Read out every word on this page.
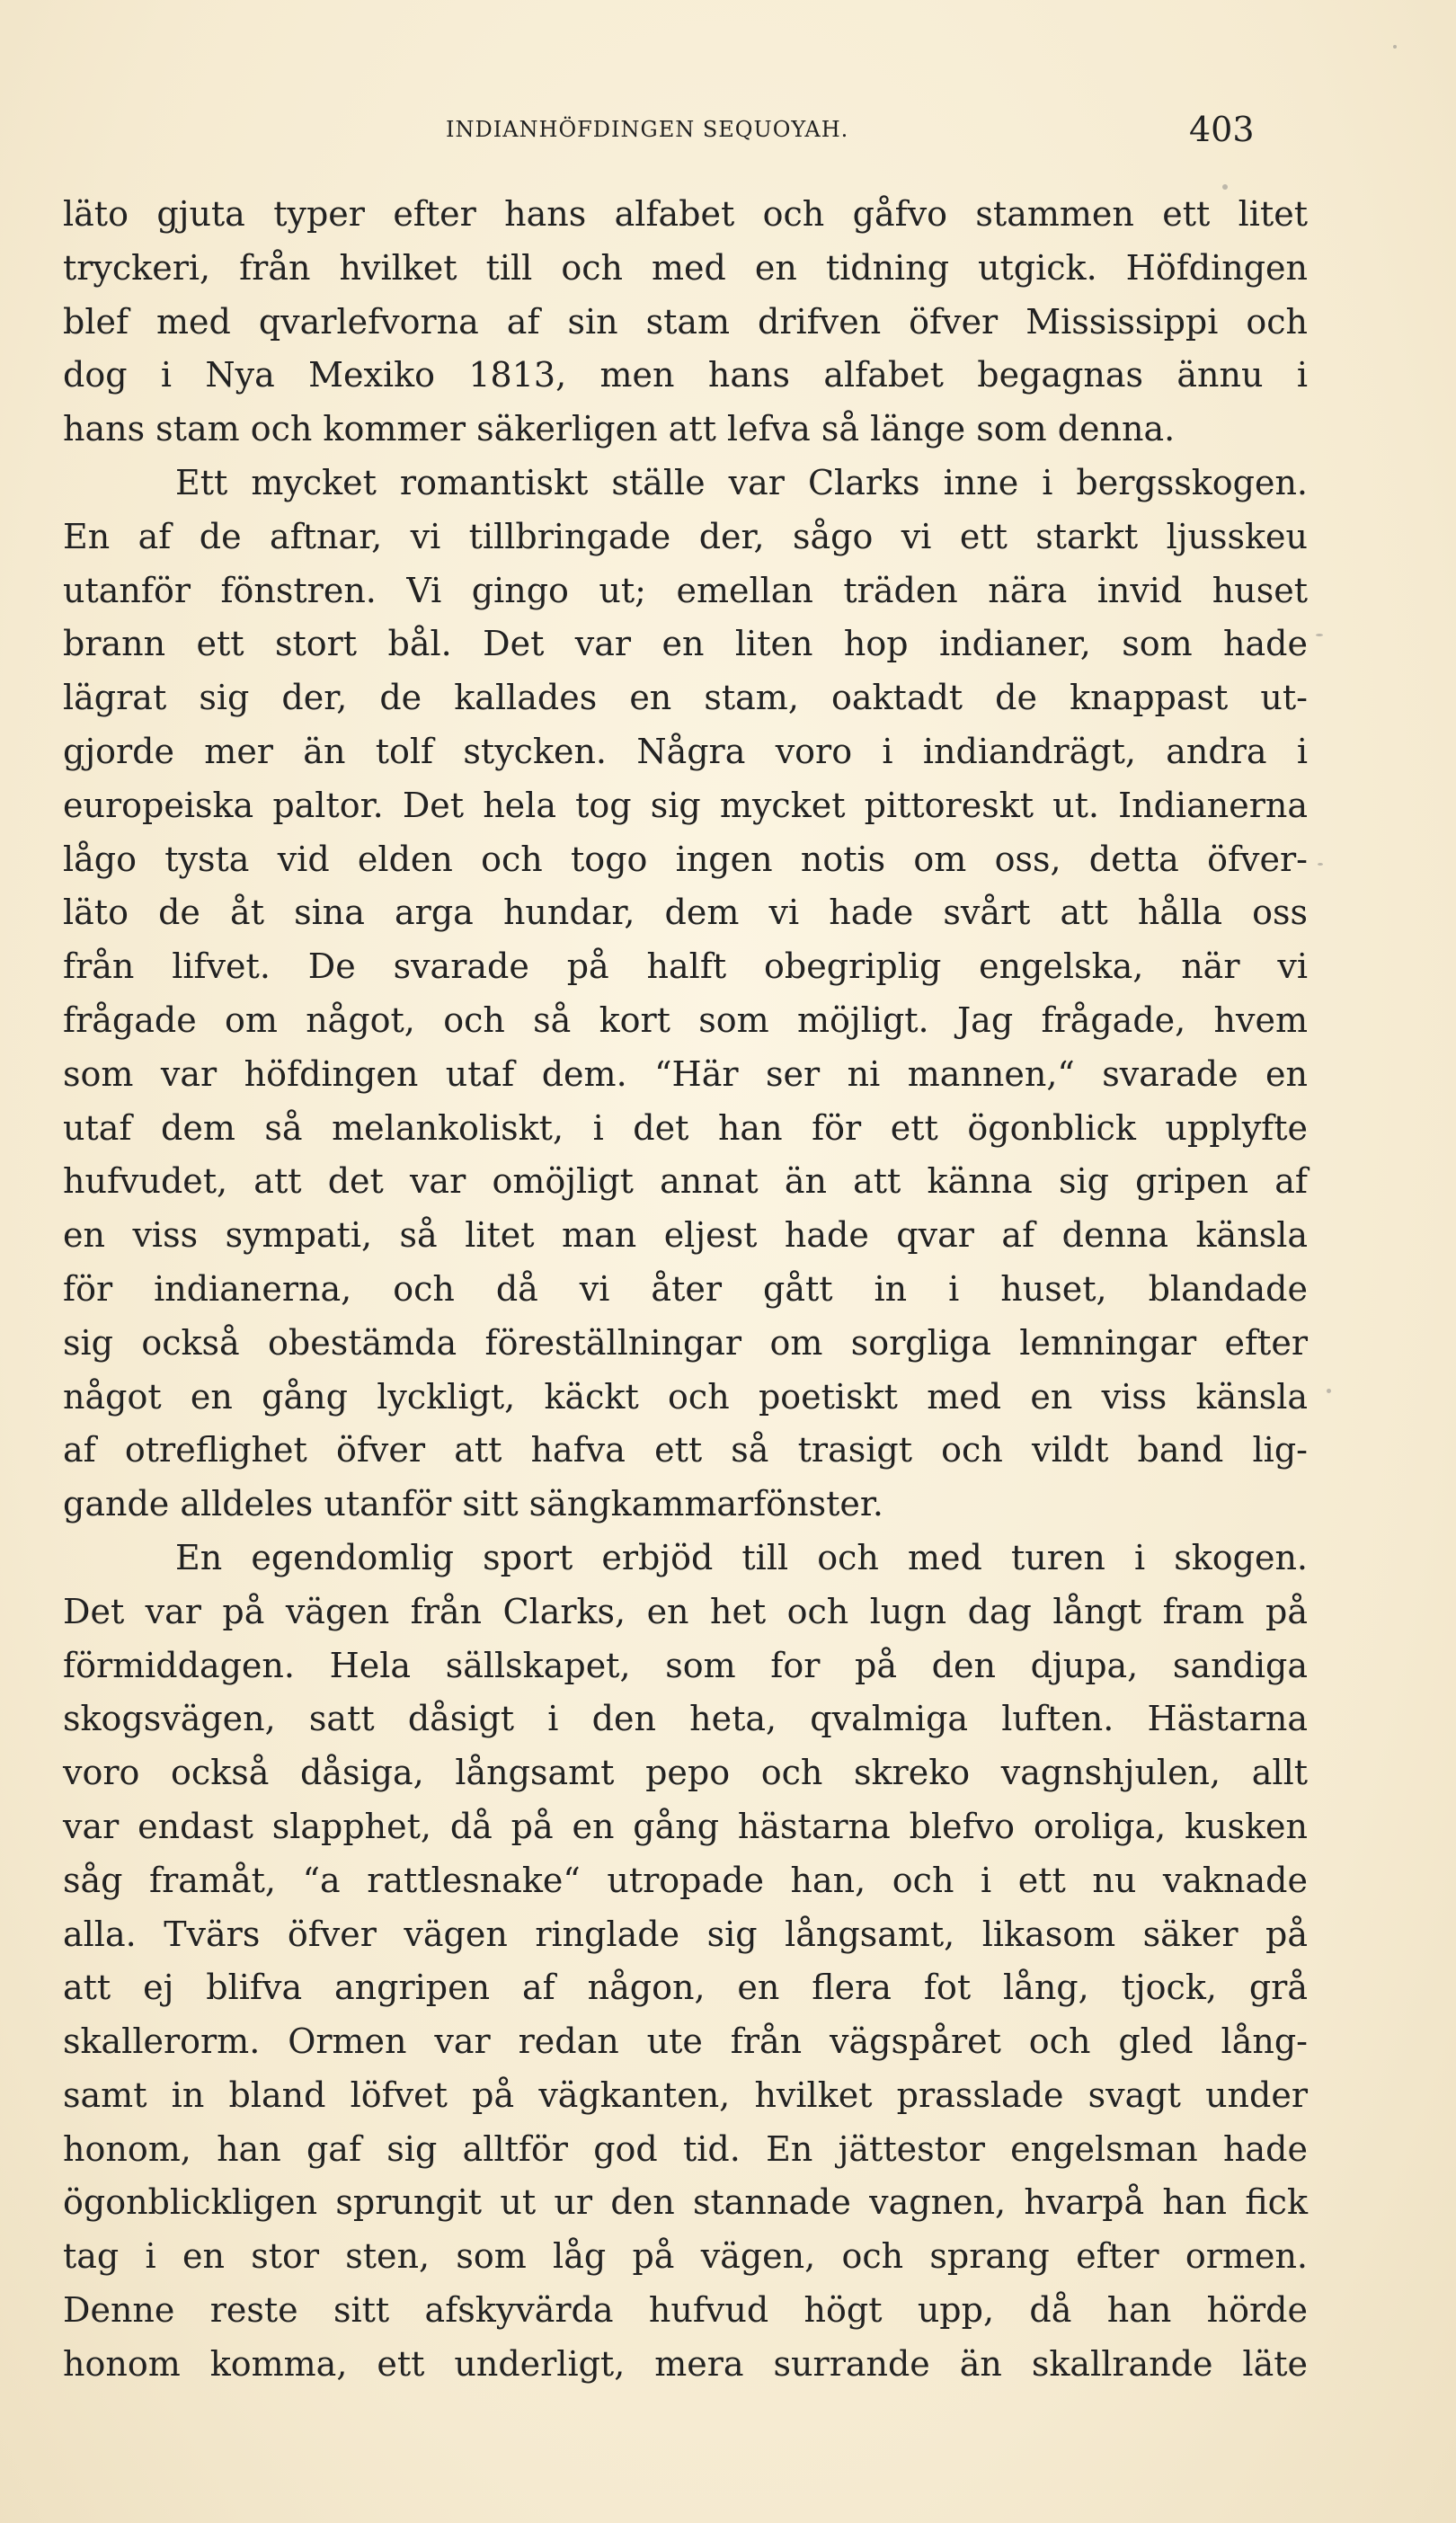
INDIANHÖFDINGEN SEQUOYAH.	403
läto gjuta typer efter hans alfabet och gåfvo stammen ett litet
tryckeri, från hvilket till och med en tidning utgick. Höfdingen
blef med qvarlefvorna af sin stam drifven öfver Mississippi och
dog i Nya Mexiko 1813, men hans alfabet begagnas ännu i
hans stam och kommer säkerligen att lefva så länge som denna.
Ett mycket romantiskt ställe var Clarks inne i bergsskogen.
En af de aftnar, vi tillbringade der, sågo vi ett starkt ljusskeu
utanför fönstren. Vi gingo ut; emellan träden nära invid huset
brann ett stort bål. Det var en liten hop indianer, som hade
lägrat sig der, de kallades en stam, oaktadt de knappast ut-
gjorde mer än tolf stycken. Några voro i indiandrägt, andra i
europeiska paltor. Det hela tog sig mycket pittoreskt ut. Indianerna
lågo tysta vid elden och togo ingen notis om oss, detta öfver-
läto de åt sina arga hundar, dem vi hade svårt att hålla oss
från lifvet. De svarade på halft obegriplig engelska, när vi
frågade om något, och så kort som möjligt. Jag frågade, hvem
som var höfdingen utaf dem. “Här ser ni mannen,“ svarade en
utaf dem så melankoliskt, i det han för ett ögonblick upplyfte
hufvudet, att det var omöjligt annat än att känna sig gripen af
en viss sympati, så litet man eljest hade qvar af denna känsla
för indianerna, och då vi åter gått in i huset, blandade
sig också obestämda föreställningar om sorgliga lemningar efter
något en gång lyckligt, käckt och poetiskt med en viss känsla
af otreflighet öfver att hafva ett så trasigt och vildt band lig-
gande alldeles utanför sitt sängkammarfönster.
En egendomlig sport erbjöd till och med turen i skogen.
Det var på vägen från Clarks, en het och lugn dag långt fram på
förmiddagen. Hela sällskapet, som for på den djupa, sandiga
skogsvägen, satt dåsigt i den heta, qvalmiga luften. Hästarna
voro också dåsiga, långsamt pepo och skreko vagnshjulen, allt
var endast slapphet, då på en gång hästarna blefvo oroliga, kusken
såg framåt, “a rattlesnake“ utropade han, och i ett nu vaknade
alla. Tvärs öfver vägen ringlade sig långsamt, likasom säker på
att ej blifva angripen af någon, en flera fot lång, tjock, grå
skallerorm. Ormen var redan ute från vägspåret och gled lång-
samt in bland löfvet på vägkanten, hvilket prasslade svagt under
honom, han gaf sig alltför god tid. En jättestor engelsman hade
ögonblickligen sprungit ut ur den stannade vagnen, hvarpå han fick
tag i en stor sten, som låg på vägen, och sprang efter ormen.
Denne reste sitt afskyvärda hufvud högt upp, då han hörde
honom komma, ett underligt, mera surrande än skallrande läte
